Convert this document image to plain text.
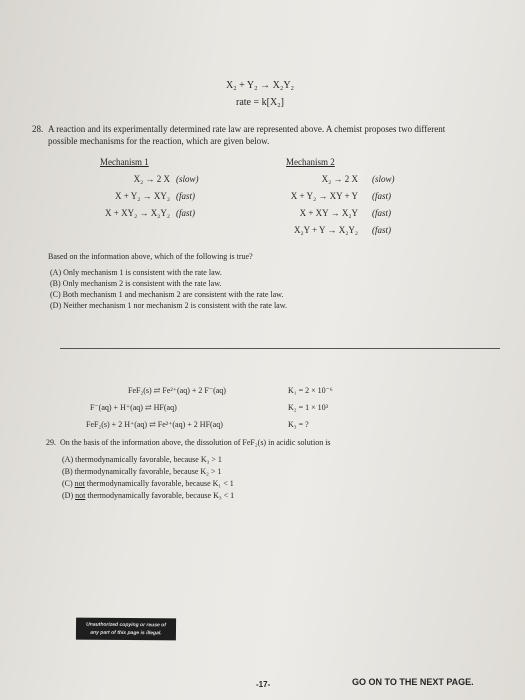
X₂ + Y₂ → X₂Y₂
rate = k[X₂]
28. A reaction and its experimentally determined rate law are represented above. A chemist proposes two different
possible mechanisms for the reaction, which are given below.
Mechanism 1
X₂ → 2 X (slow)
X + Y₂ → XY₂ (fast)
X + XY₂ → X₂Y₂ (fast)
Mechanism 2
X₂ → 2 X (slow)
X + Y₂ → XY + Y (fast)
X + XY → X₂Y (fast)
X₂Y + Y → X₂Y₂ (fast)
Based on the information above, which of the following is true?
(A) Only mechanism 1 is consistent with the rate law.
(B) Only mechanism 2 is consistent with the rate law.
(C) Both mechanism 1 and mechanism 2 are consistent with the rate law.
(D) Neither mechanism 1 nor mechanism 2 is consistent with the rate law.
FeF₂(s) ⇄ Fe²⁺(aq) + 2 F⁻(aq)	K₁ = 2 × 10⁻⁶
F⁻(aq) + H⁺(aq) ⇄ HF(aq)	K₂ = 1 × 10³
FeF₂(s) + 2 H⁺(aq) ⇄ Fe²⁺(aq) + 2 HF(aq)	K₃ = ?
29. On the basis of the information above, the dissolution of FeF₂(s) in acidic solution is
(A) thermodynamically favorable, because K₃ > 1
(B) thermodynamically favorable, because K₂ > 1
(C) not thermodynamically favorable, because K₁ < 1
(D) not thermodynamically favorable, because K₃ < 1
Unauthorized copying or reuse of
any part of this page is illegal.
-17-	GO ON TO THE NEXT PAGE.
